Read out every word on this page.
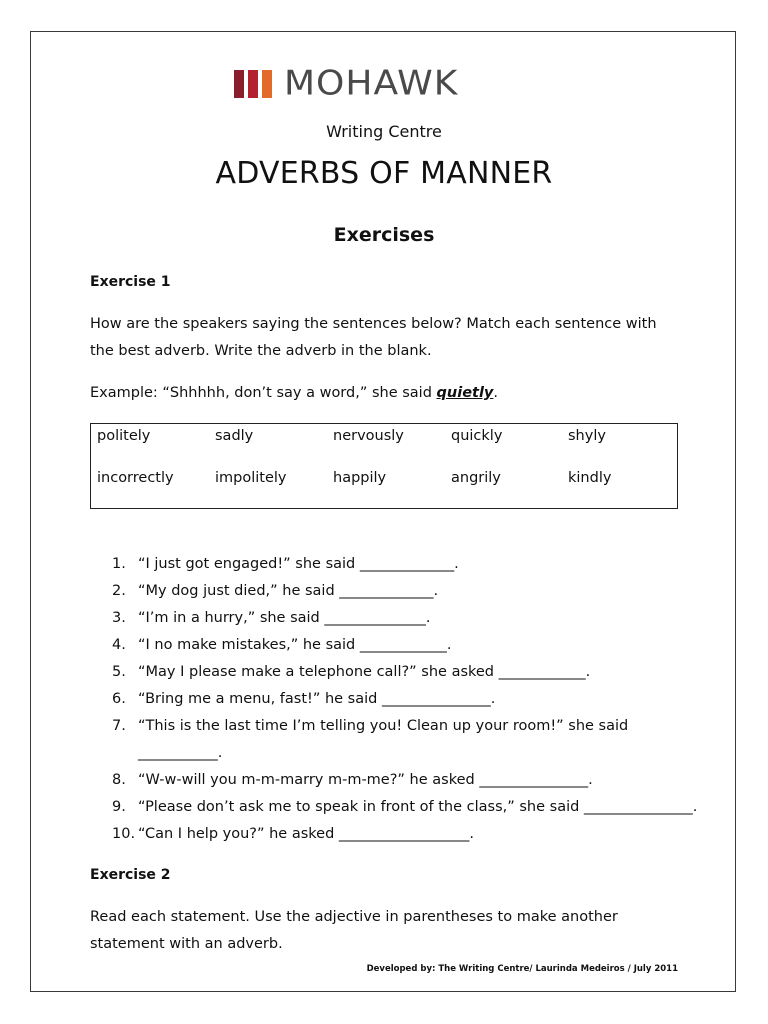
MOHAWK
Writing Centre
ADVERBS OF MANNER
Exercises
Exercise 1
How are the speakers saying the sentences below? Match each sentence with the best adverb. Write the adverb in the blank.
Example: “Shhhhh, don’t say a word,” she said quietly.
politely	sadly	nervously	quickly	shyly
incorrectly	impolitely	happily	angrily	kindly
1. “I just got engaged!” she said _____________.
2. “My dog just died,” he said _____________.
3. “I’m in a hurry,” she said ______________.
4. “I no make mistakes,” he said ____________.
5. “May I please make a telephone call?” she asked ____________.
6. “Bring me a menu, fast!” he said _______________.
7. “This is the last time I’m telling you! Clean up your room!” she said ___________.
8. “W-w-will you m-m-marry m-m-me?” he asked _______________.
9. “Please don’t ask me to speak in front of the class,” she said _______________.
10. “Can I help you?” he asked __________________.
Exercise 2
Read each statement. Use the adjective in parentheses to make another statement with an adverb.
Developed by: The Writing Centre/ Laurinda Medeiros / July 2011
